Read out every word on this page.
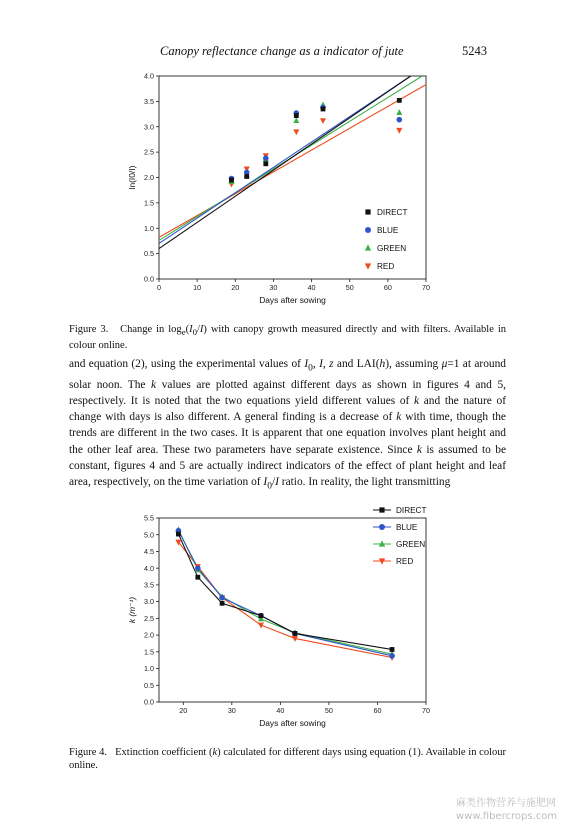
Canopy reflectance change as a indicator of jute	5243
0.0
0.5
1.0
1.5
2.0
2.5
3.0
3.5
4.0
0	10	20	30	40	50	60	70
Days after sowing
ln(I0/I)
DIRECT
BLUE
GREEN
RED
Figure 3. Change in $\log_e(I_0/I)$ with canopy growth measured directly and with filters. Available in colour online.

and equation (2), using the experimental values of $I_0$, I, z and LAI(h), assuming μ=1 at around solar noon. The k values are plotted against different days as shown in figures 4 and 5, respectively. It is noted that the two equations yield different values of k and the nature of change with days is also different. A general finding is a decrease of k with time, though the trends are different in the two cases. It is apparent that one equation involves plant height and the other leaf area. These two parameters have separate existence. Since k is assumed to be constant, figures 4 and 5 are actually indirect indicators of the effect of plant height and leaf area, respectively, on the time variation of $I_0/I$ ratio. In reality, the light transmitting

0.0
0.5
1.0
1.5
2.0
2.5
3.0
3.5
4.0
4.5
5.0
5.5
20	30	40	50	60	70
Days after sowing
k (m⁻¹)
DIRECT
BLUE
GREEN
RED
Figure 4. Extinction coefficient (k) calculated for different days using equation (1). Available in colour online.
麻类作物营养与施肥网
www.fibercrops.com
